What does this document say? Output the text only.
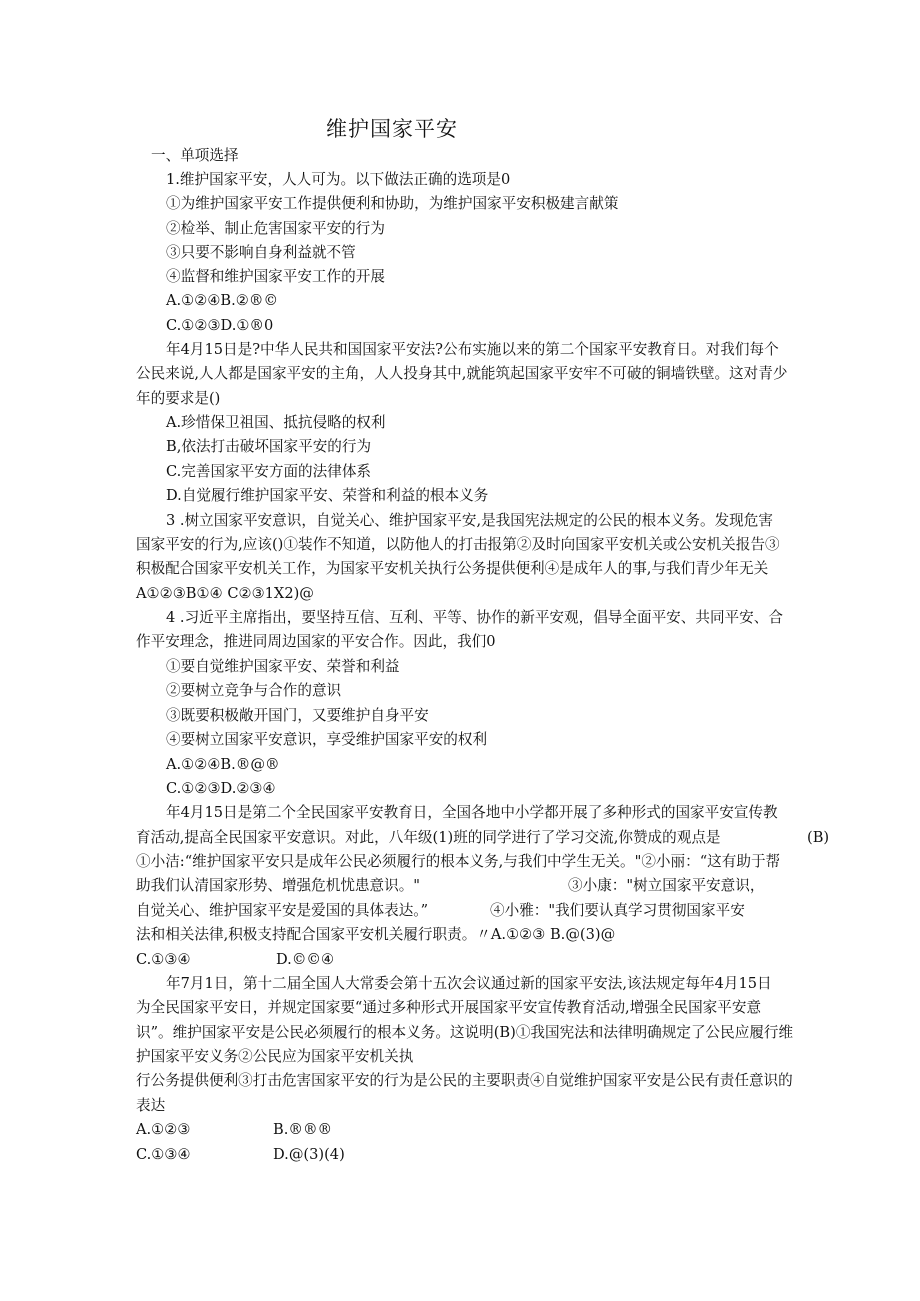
维护国家平安
一、单项选择
1.维护国家平安，人人可为。以下做法正确的选项是0
①为维护国家平安工作提供便利和协助，为维护国家平安积极建言献策
②检举、制止危害国家平安的行为
③只要不影响自身利益就不管
④监督和维护国家平安工作的开展
A.①②④B.②®©
C.①②③D.①®0
年4月15日是?中华人民共和国国家平安法?公布实施以来的第二个国家平安教育日。对我们每个
公民来说,人人都是国家平安的主角，人人投身其中,就能筑起国家平安牢不可破的铜墙铁壁。这对青少
年的要求是()
A.珍惜保卫祖国、抵抗侵略的权利
B,依法打击破坏国家平安的行为
C.完善国家平安方面的法律体系
D.自觉履行维护国家平安、荣誉和利益的根本义务
3 .树立国家平安意识，自觉关心、维护国家平安,是我国宪法规定的公民的根本义务。发现危害
国家平安的行为,应该()①装作不知道，以防他人的打击报第②及时向国家平安机关或公安机关报告③
积极配合国家平安机关工作，为国家平安机关执行公务提供便利④是成年人的事,与我们青少年无关
A①②③B①④ C②③1X2)@
4 .习近平主席指出，要坚持互信、互利、平等、协作的新平安观，倡导全面平安、共同平安、合
作平安理念，推进同周边国家的平安合作。因此，我们0
①要自觉维护国家平安、荣誉和利益
②要树立竞争与合作的意识
③既要积极敞开国门，又要维护自身平安
④要树立国家平安意识，享受维护国家平安的权利
A.①②④B.®@®
C.①②③D.②③④
年4月15日是第二个全民国家平安教育日，全国各地中小学都开展了多种形式的国家平安宣传教
育活动,提高全民国家平安意识。对此，八年级(1)班的同学进行了学习交流,你赞成的观点是	(B)
①小洁:“维护国家平安只是成年公民必须履行的根本义务,与我们中学生无关。"②小丽：“这有助于帮
助我们认清国家形势、增强危机忧患意识。"	③小康："树立国家平安意识，
自觉关心、维护国家平安是爱国的具体表达。”	④小雅："我们要认真学习贯彻国家平安
法和相关法律,积极支持配合国家平安机关履行职责。〃A.①②③ B.@(3)@
C.①③④	D.©©④
年7月1日，第十二届全国人大常委会第十五次会议通过新的国家平安法,该法规定每年4月15日
为全民国家平安日，并规定国家要“通过多种形式开展国家平安宣传教育活动,增强全民国家平安意
识”。维护国家平安是公民必须履行的根本义务。这说明(B)①我国宪法和法律明确规定了公民应履行维
护国家平安义务②公民应为国家平安机关执
行公务提供便利③打击危害国家平安的行为是公民的主要职责④自觉维护国家平安是公民有责任意识的
表达
A.①②③	B.®®®
C.①③④	D.@(3)(4)
